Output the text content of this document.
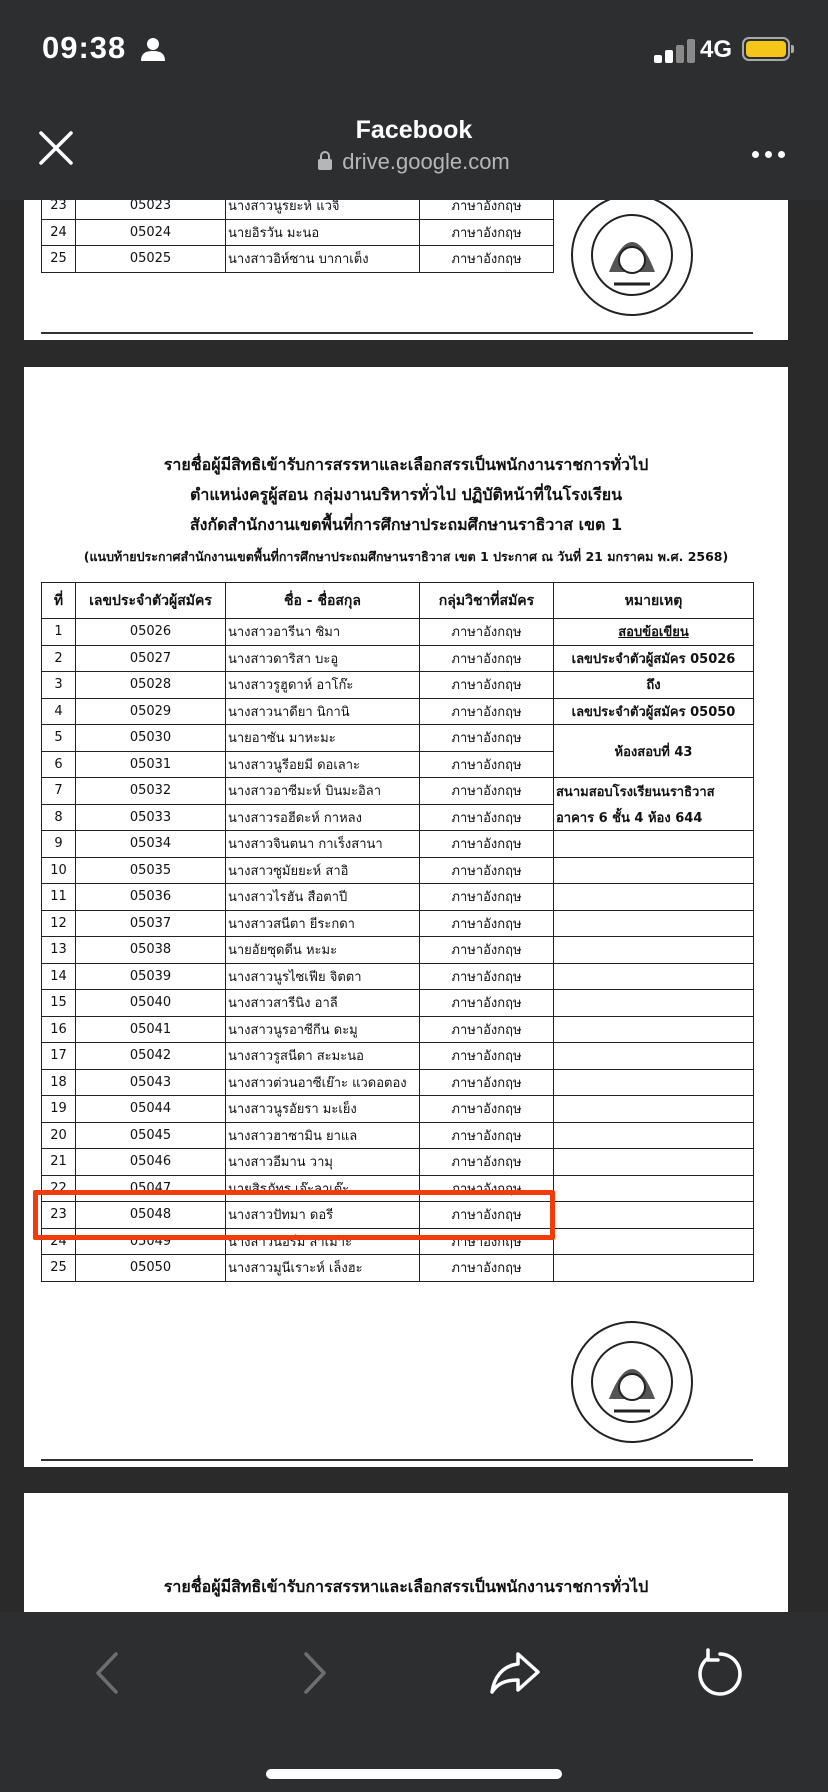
09:38	4G
Facebook
drive.google.com
23	05023	นางสาวนูรยะห์ แวจิ	ภาษาอังกฤษ
24	05024	นายอิรวัน มะนอ	ภาษาอังกฤษ
25	05025	นางสาวอิห์ซาน บากาเต็ง	ภาษาอังกฤษ
รายชื่อผู้มีสิทธิเข้ารับการสรรหาและเลือกสรรเป็นพนักงานราชการทั่วไป
ตำแหน่งครูผู้สอน กลุ่มงานบริหารทั่วไป ปฏิบัติหน้าที่ในโรงเรียน
สังกัดสำนักงานเขตพื้นที่การศึกษาประถมศึกษานราธิวาส เขต 1
(แนบท้ายประกาศสำนักงานเขตพื้นที่การศึกษาประถมศึกษานราธิวาส เขต 1 ประกาศ ณ วันที่ 21 มกราคม พ.ศ. 2568)
ที่	เลขประจำตัวผู้สมัคร	ชื่อ - ชื่อสกุล	กลุ่มวิชาที่สมัคร	หมายเหตุ
1	05026	นางสาวอารีนา ซิมา	ภาษาอังกฤษ	สอบข้อเขียน
2	05027	นางสาวดาริสา บะอู	ภาษาอังกฤษ	เลขประจำตัวผู้สมัคร 05026
3	05028	นางสาวรูฮูดาห์ อาโก๊ะ	ภาษาอังกฤษ	ถึง
4	05029	นางสาวนาดียา นิกานิ	ภาษาอังกฤษ	เลขประจำตัวผู้สมัคร 05050
5	05030	นายอาซัน มาหะมะ	ภาษาอังกฤษ	ห้องสอบที่ 43
6	05031	นางสาวนูรีอยมี ดอเลาะ	ภาษาอังกฤษ	
7	05032	นางสาวอาซีมะห์ บินมะอิลา	ภาษาอังกฤษ	สนามสอบโรงเรียนนราธิวาส
8	05033	นางสาวรอฮีดะห์ กาหลง	ภาษาอังกฤษ	อาคาร 6 ชั้น 4 ห้อง 644
9	05034	นางสาวจินตนา กาเร็งสานา	ภาษาอังกฤษ	
10	05035	นางสาวซูมัยยะห์ สาอิ	ภาษาอังกฤษ	
11	05036	นางสาวไรฮัน สือตาปี	ภาษาอังกฤษ	
12	05037	นางสาวสนีตา ยีระกดา	ภาษาอังกฤษ	
13	05038	นายอัยซุดดีน หะมะ	ภาษาอังกฤษ	
14	05039	นางสาวนูรไซเฟีย จิตตา	ภาษาอังกฤษ	
15	05040	นางสาวสารีนิง อาลี	ภาษาอังกฤษ	
16	05041	นางสาวนูรอาซีกีน ดะมู	ภาษาอังกฤษ	
17	05042	นางสาวรูสนีดา สะมะนอ	ภาษาอังกฤษ	
18	05043	นางสาวต่วนอาซีเย๊าะ แวดอตอง	ภาษาอังกฤษ	
19	05044	นางสาวนูรอัยรา มะเย็ง	ภาษาอังกฤษ	
20	05045	นางสาวฮาซามิน ยาแล	ภาษาอังกฤษ	
21	05046	นางสาวอีมาน วามุ	ภาษาอังกฤษ	
22	05047	นายสิรภัทร เจ๊ะลาเต๊ะ	ภาษาอังกฤษ	
23	05048	นางสาวปัทมา ดอรี	ภาษาอังกฤษ	
24	05049	นางสาวนอร์มี สาเม๊าะ	ภาษาอังกฤษ	
25	05050	นางสาวมูนีเราะห์ เล็งฮะ	ภาษาอังกฤษ	
รายชื่อผู้มีสิทธิเข้ารับการสรรหาและเลือกสรรเป็นพนักงานราชการทั่วไป
